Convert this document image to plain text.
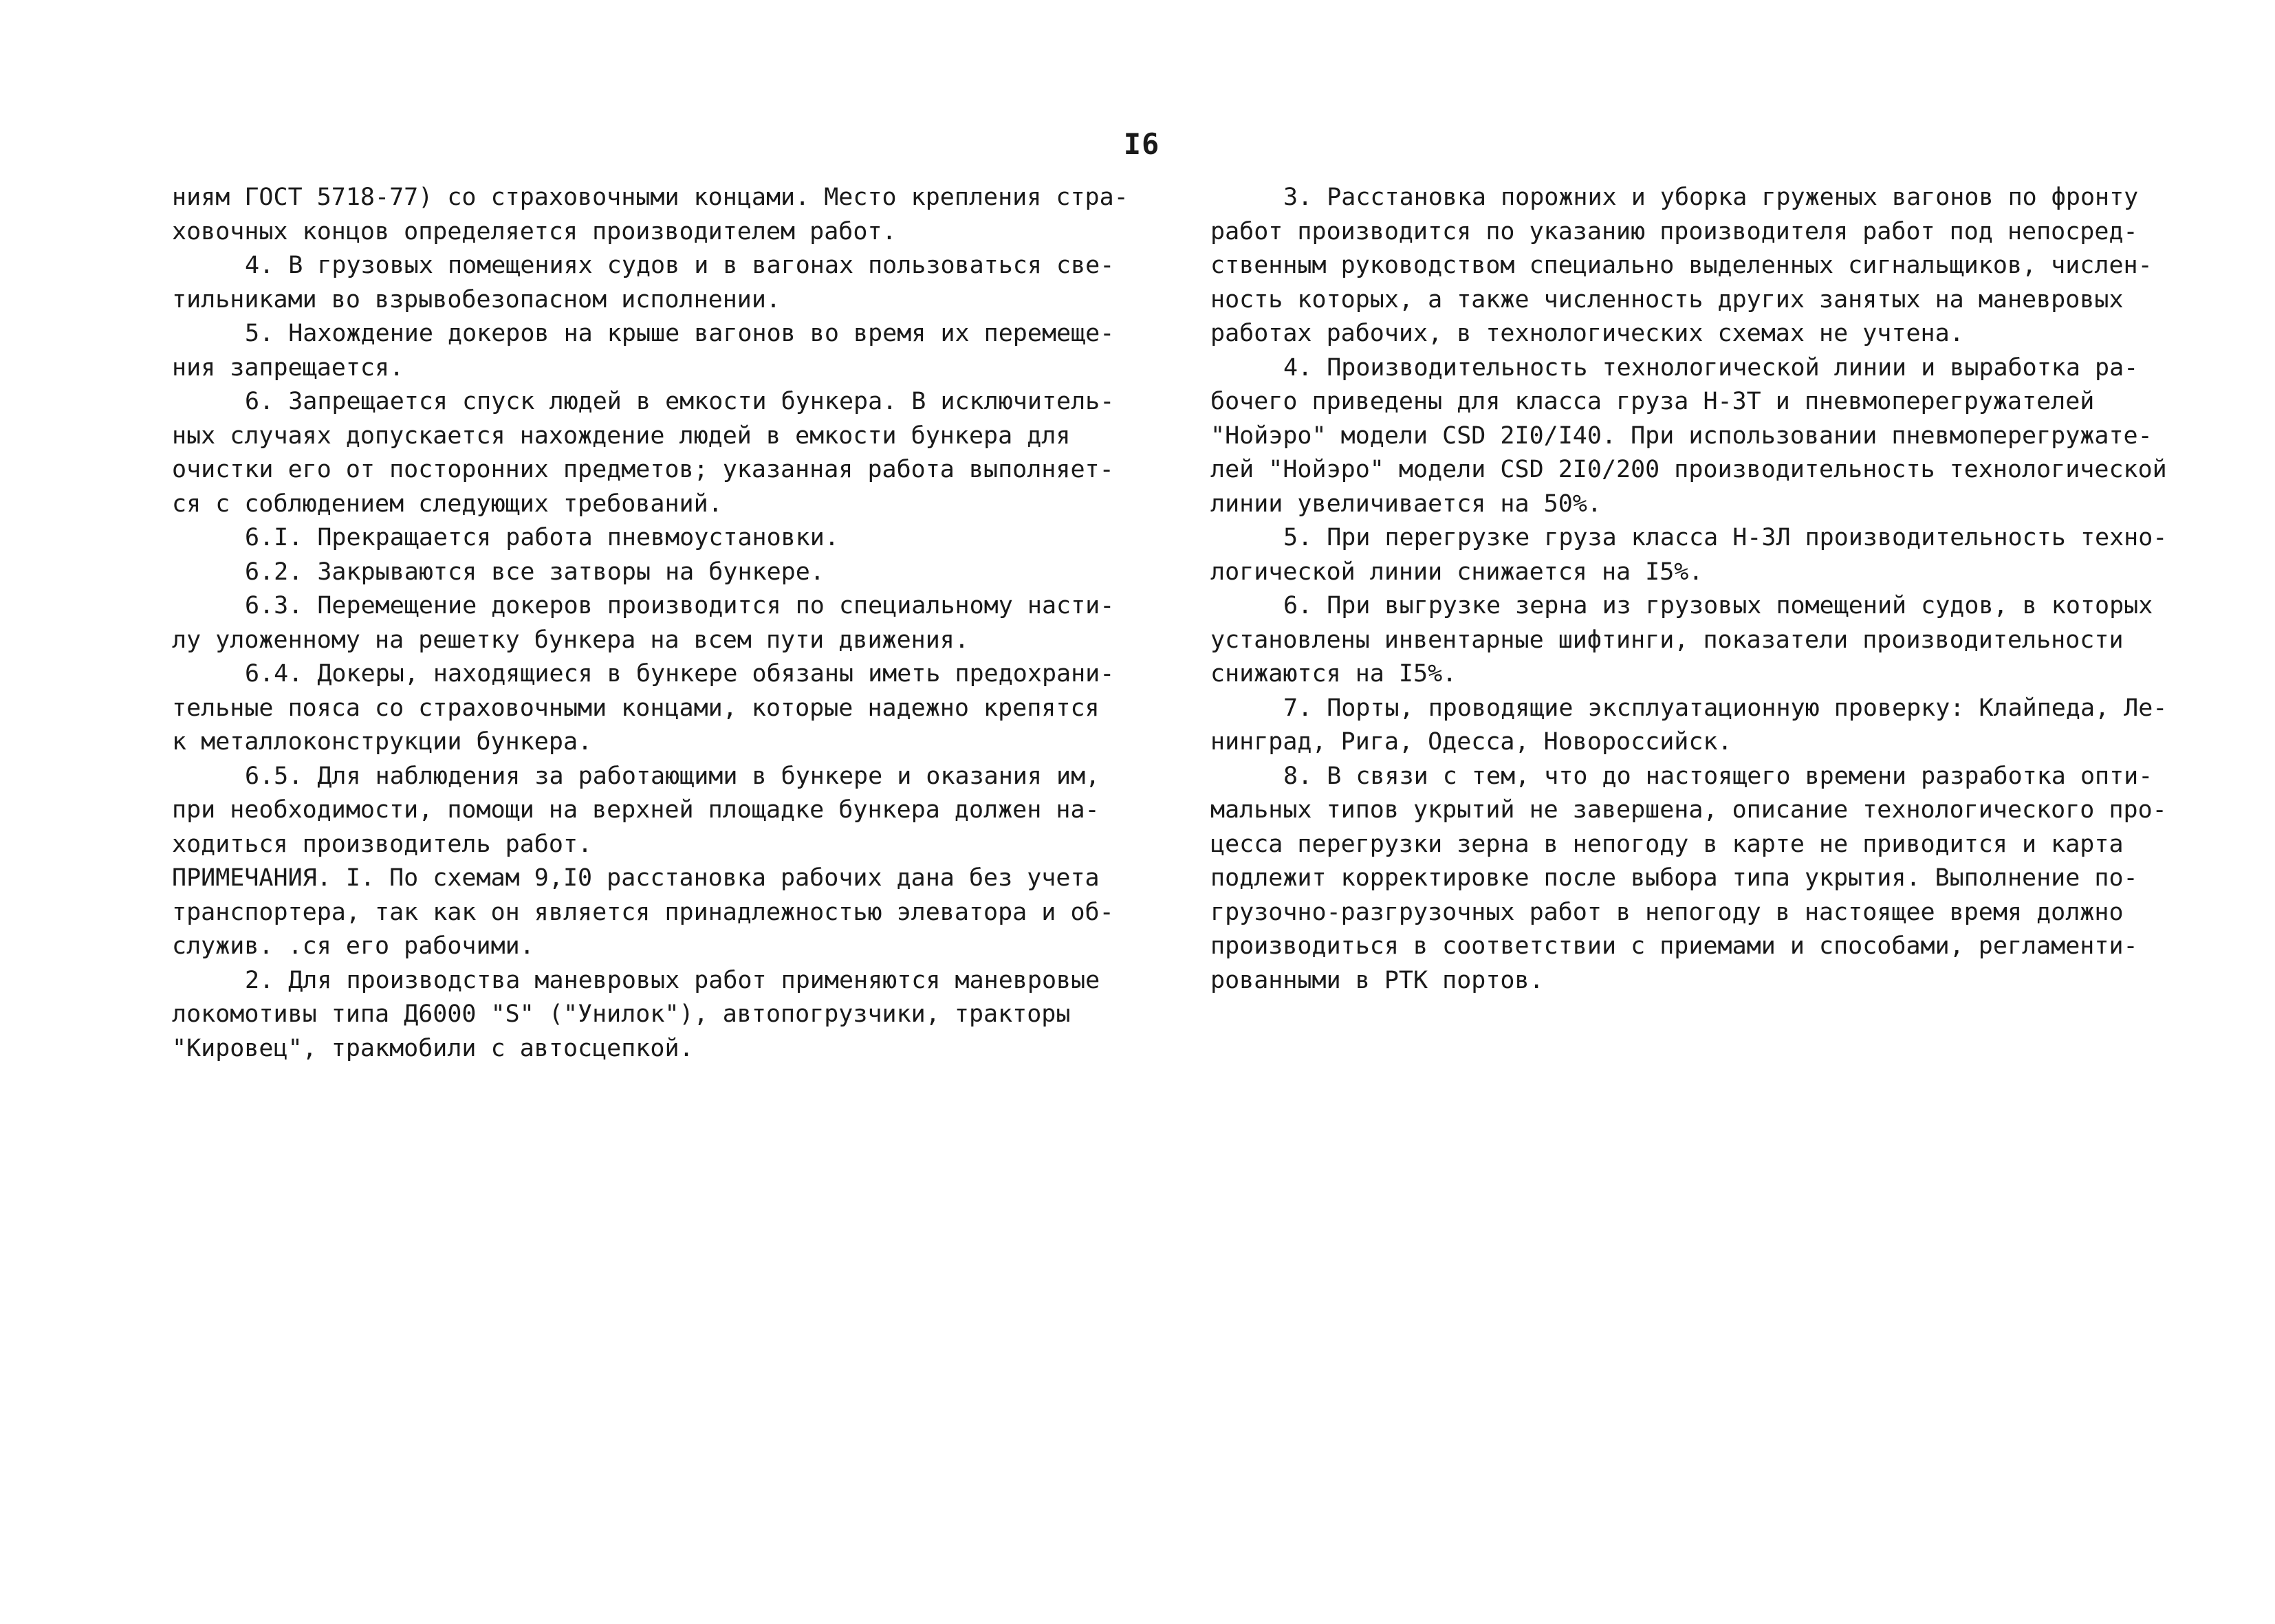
I6
ниям ГОСТ 5718-77) со страховочными концами. Место крепления стра-
ховочных концов определяется производителем работ.
4. В грузовых помещениях судов и в вагонах пользоваться све-
тильниками во взрывобезопасном исполнении.
5. Нахождение докеров на крыше вагонов во время их перемеще-
ния запрещается.
6. Запрещается спуск людей в емкости бункера. В исключитель-
ных случаях допускается нахождение людей в емкости бункера для
очистки его от посторонних предметов; указанная работа выполняет-
ся с соблюдением следующих требований.
6.I. Прекращается работа пневмоустановки.
6.2. Закрываются все затворы на бункере.
6.3. Перемещение докеров производится по специальному насти-
лу уложенному на решетку бункера на всем пути движения.
6.4. Докеры, находящиеся в бункере обязаны иметь предохрани-
тельные пояса со страховочными концами, которые надежно крепятся
к металлоконструкции бункера.
6.5. Для наблюдения за работающими в бункере и оказания им,
при необходимости, помощи на верхней площадке бункера должен на-
ходиться производитель работ.
ПРИМЕЧАНИЯ. I. По схемам 9,I0 расстановка рабочих дана без учета
транспортера, так как он является принадлежностью элеватора и об-
служив. .ся его рабочими.
2. Для производства маневровых работ применяются маневровые
локомотивы типа Д6000 "S" ("Унилок"), автопогрузчики, тракторы
"Кировец", тракмобили с автосцепкой.
3. Расстановка порожних и уборка груженых вагонов по фронту
работ производится по указанию производителя работ под непосред-
ственным руководством специально выделенных сигнальщиков, числен-
ность которых, а также численность других занятых на маневровых
работах рабочих, в технологических схемах не учтена.
4. Производительность технологической линии и выработка ра-
бочего приведены для класса груза Н-3Т и пневмоперегружателей
"Нойэро" модели CSD 2I0/I40. При использовании пневмоперегружате-
лей "Нойэро" модели CSD 2I0/200 производительность технологической
линии увеличивается на 50%.
5. При перегрузке груза класса Н-3Л производительность техно-
логической линии снижается на I5%.
6. При выгрузке зерна из грузовых помещений судов, в которых
установлены инвентарные шифтинги, показатели производительности
снижаются на I5%.
7. Порты, проводящие эксплуатационную проверку: Клайпеда, Ле-
нинград, Рига, Одесса, Новороссийск.
8. В связи с тем, что до настоящего времени разработка опти-
мальных типов укрытий не завершена, описание технологического про-
цесса перегрузки зерна в непогоду в карте не приводится и карта
подлежит корректировке после выбора типа укрытия. Выполнение по-
грузочно-разгрузочных работ в непогоду в настоящее время должно
производиться в соответствии с приемами и способами, регламенти-
рованными в РТК портов.
